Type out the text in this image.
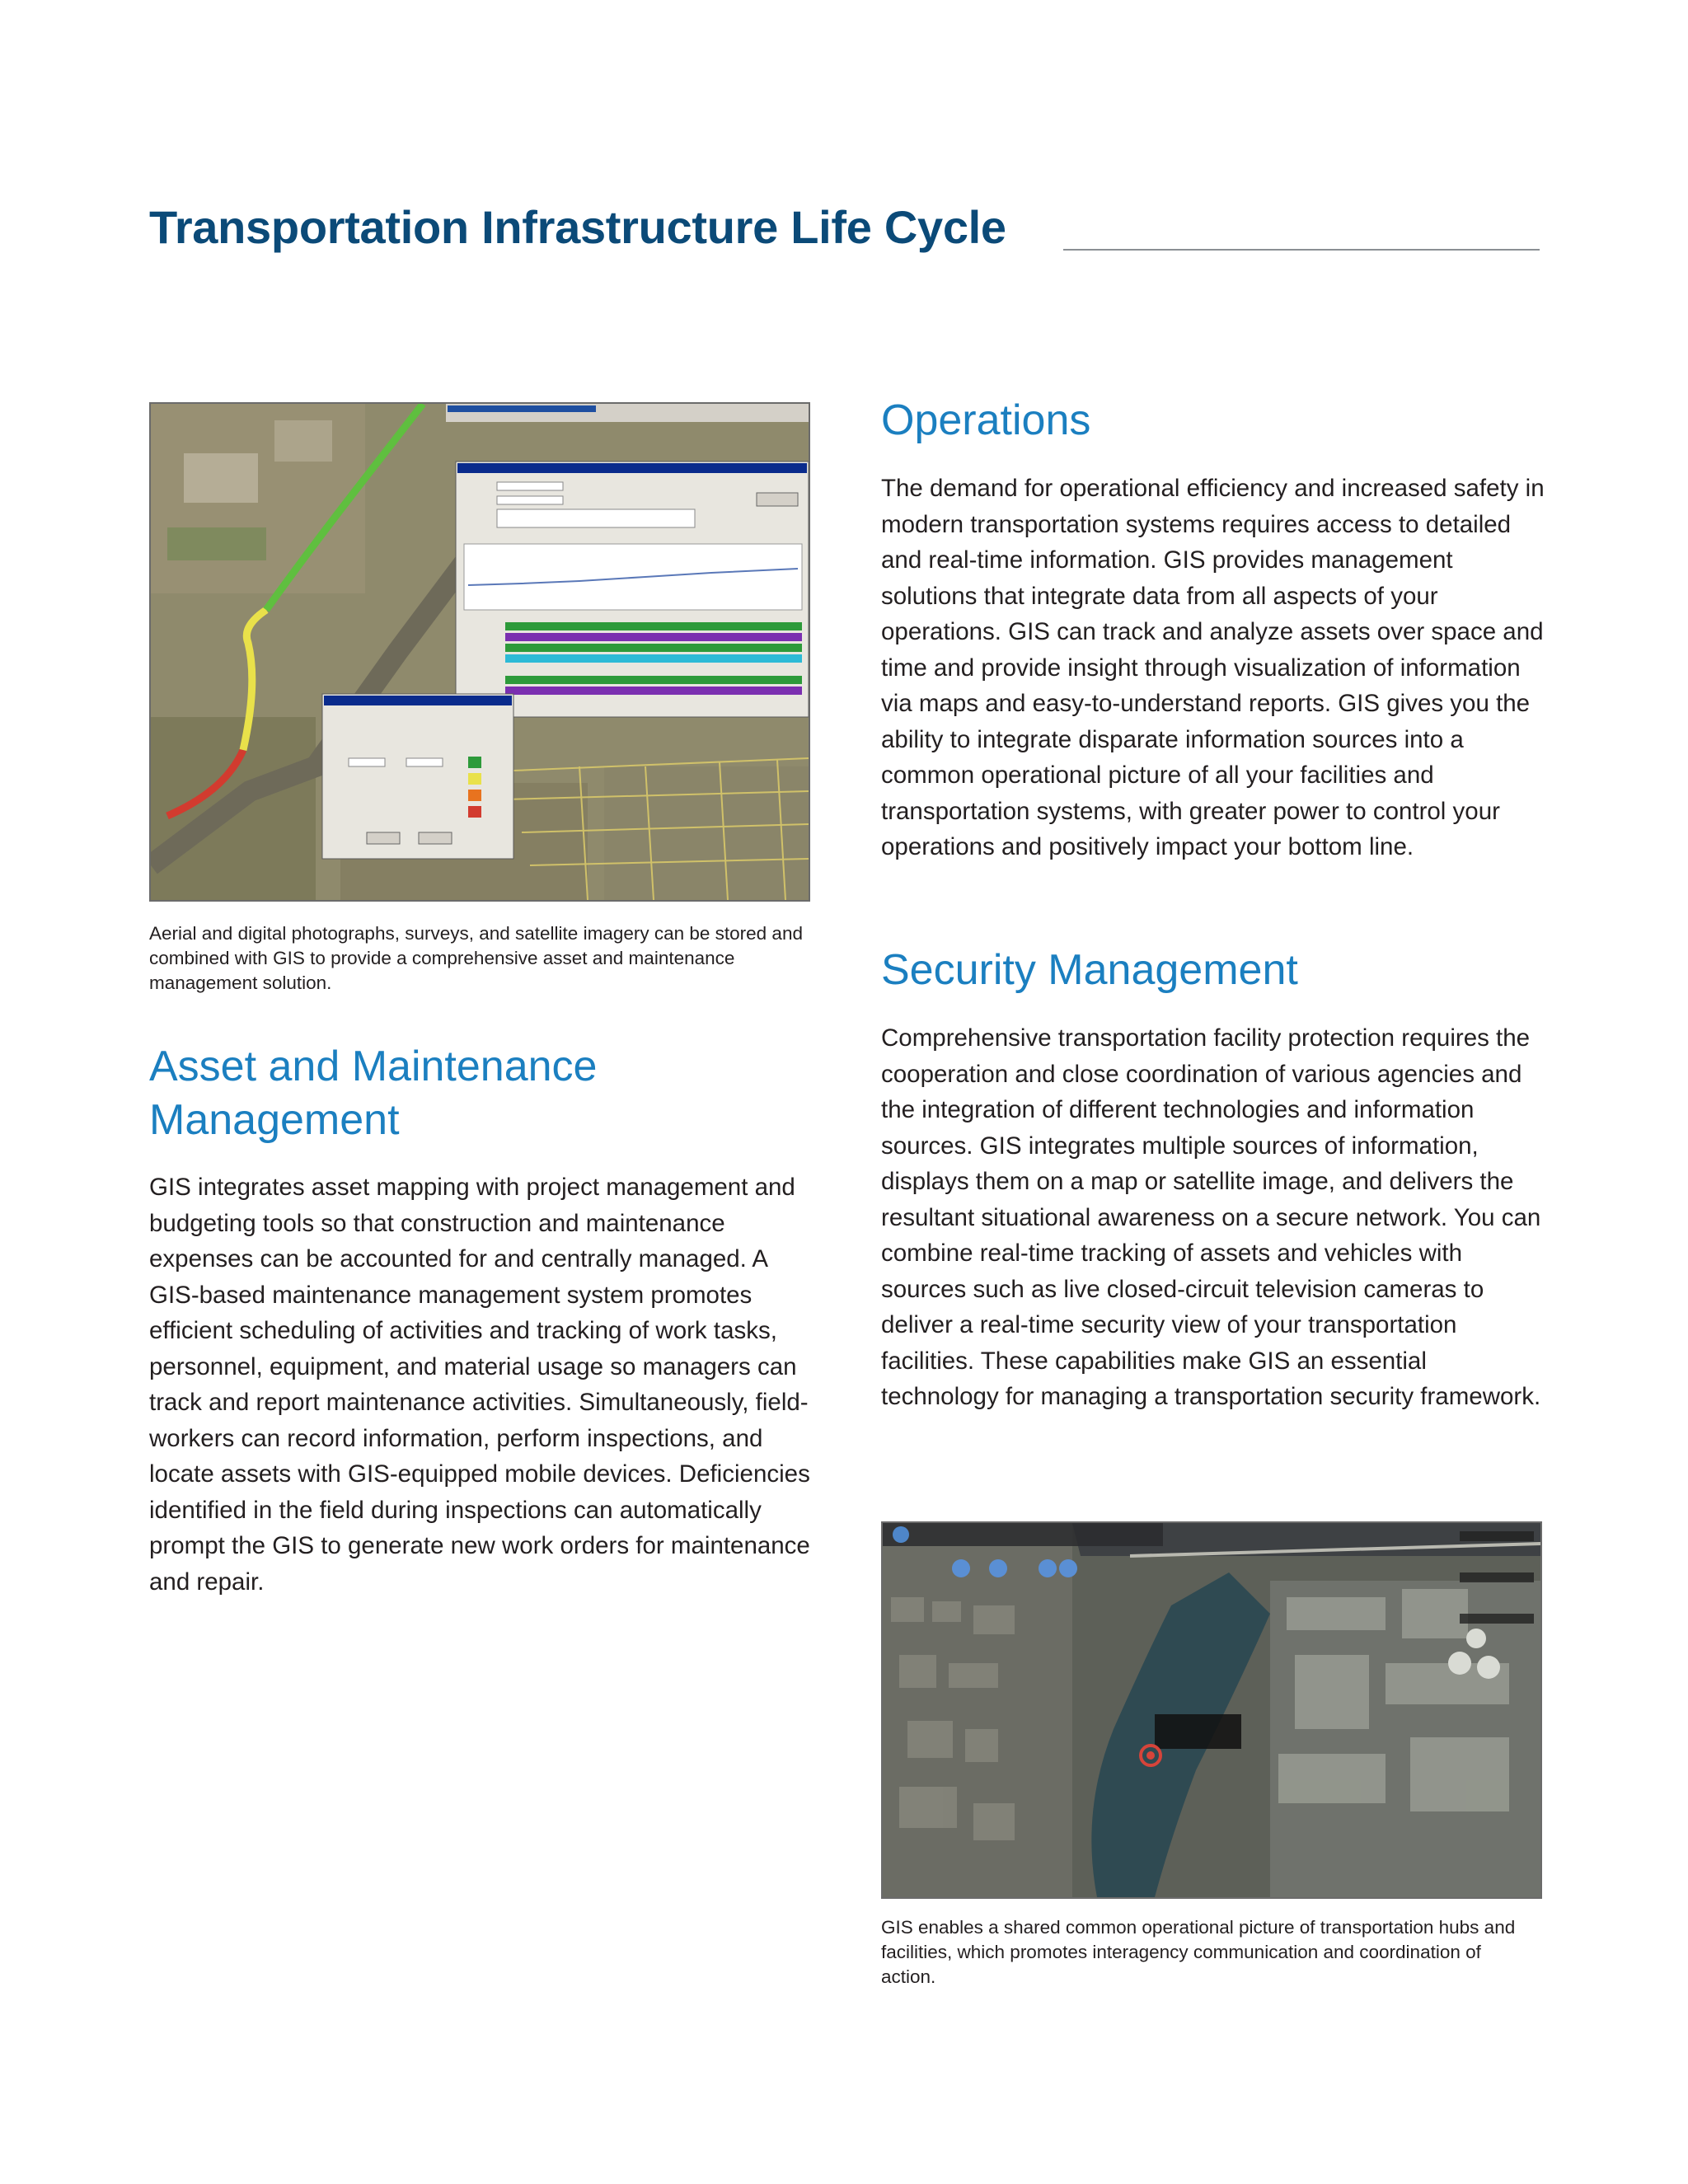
Transportation Infrastructure Life Cycle

Aerial and digital photographs, surveys, and satellite imagery can be stored and combined with GIS to provide a comprehensive asset and maintenance management solution.

Asset and Maintenance Management

GIS integrates asset mapping with project management and budgeting tools so that construction and maintenance expenses can be accounted for and centrally managed. A GIS-based maintenance management system promotes efficient scheduling of activities and tracking of work tasks, personnel, equipment, and material usage so managers can track and report maintenance activities. Simultaneously, field-workers can record information, perform inspections, and locate assets with GIS-equipped mobile devices. Deficiencies identified in the field during inspections can automatically prompt the GIS to generate new work orders for maintenance and repair.

Operations

The demand for operational efficiency and increased safety in modern transportation systems requires access to detailed and real-time information. GIS provides management solutions that integrate data from all aspects of your operations. GIS can track and analyze assets over space and time and provide insight through visualization of information via maps and easy-to-understand reports. GIS gives you the ability to integrate disparate information sources into a common operational picture of all your facilities and transportation systems, with greater power to control your operations and positively impact your bottom line.

Security Management

Comprehensive transportation facility protection requires the cooperation and close coordination of various agencies and the integration of different technologies and information sources. GIS integrates multiple sources of information, displays them on a map or satellite image, and delivers the resultant situational awareness on a secure network. You can combine real-time tracking of assets and vehicles with sources such as live closed-circuit television cameras to deliver a real-time security view of your transportation facilities. These capabilities make GIS an essential technology for managing a transportation security framework.

GIS enables a shared common operational picture of transportation hubs and facilities, which promotes interagency communication and coordination of action.
